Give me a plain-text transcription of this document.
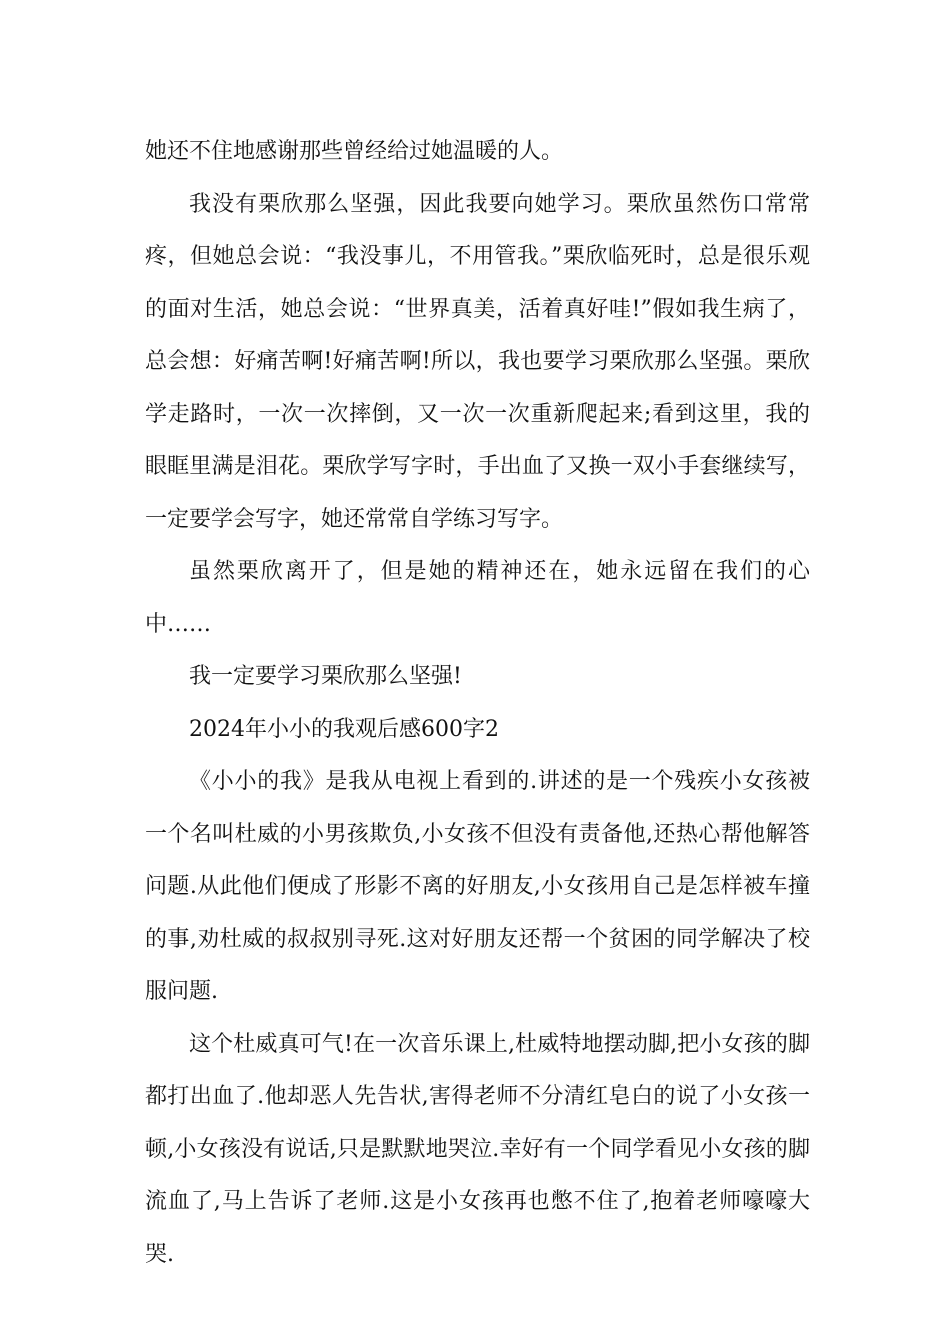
她还不住地感谢那些曾经给过她温暖的人。

我没有栗欣那么坚强，因此我要向她学习。栗欣虽然伤口常常疼，但她总会说：“我没事儿，不用管我。”栗欣临死时，总是很乐观的面对生活，她总会说：“世界真美，活着真好哇!”假如我生病了，总会想：好痛苦啊!好痛苦啊!所以，我也要学习栗欣那么坚强。栗欣学走路时，一次一次摔倒，又一次一次重新爬起来;看到这里，我的眼眶里满是泪花。栗欣学写字时，手出血了又换一双小手套继续写，一定要学会写字，她还常常自学练习写字。

虽然栗欣离开了，但是她的精神还在，她永远留在我们的心中……

我一定要学习栗欣那么坚强!

2024年小小的我观后感600字2

《小小的我》是我从电视上看到的.讲述的是一个残疾小女孩被一个名叫杜威的小男孩欺负,小女孩不但没有责备他,还热心帮他解答问题.从此他们便成了形影不离的好朋友,小女孩用自己是怎样被车撞的事,劝杜威的叔叔别寻死.这对好朋友还帮一个贫困的同学解决了校服问题.

这个杜威真可气!在一次音乐课上,杜威特地摆动脚,把小女孩的脚都打出血了.他却恶人先告状,害得老师不分清红皂白的说了小女孩一顿,小女孩没有说话,只是默默地哭泣.幸好有一个同学看见小女孩的脚流血了,马上告诉了老师.这是小女孩再也憋不住了,抱着老师嚎嚎大哭.
